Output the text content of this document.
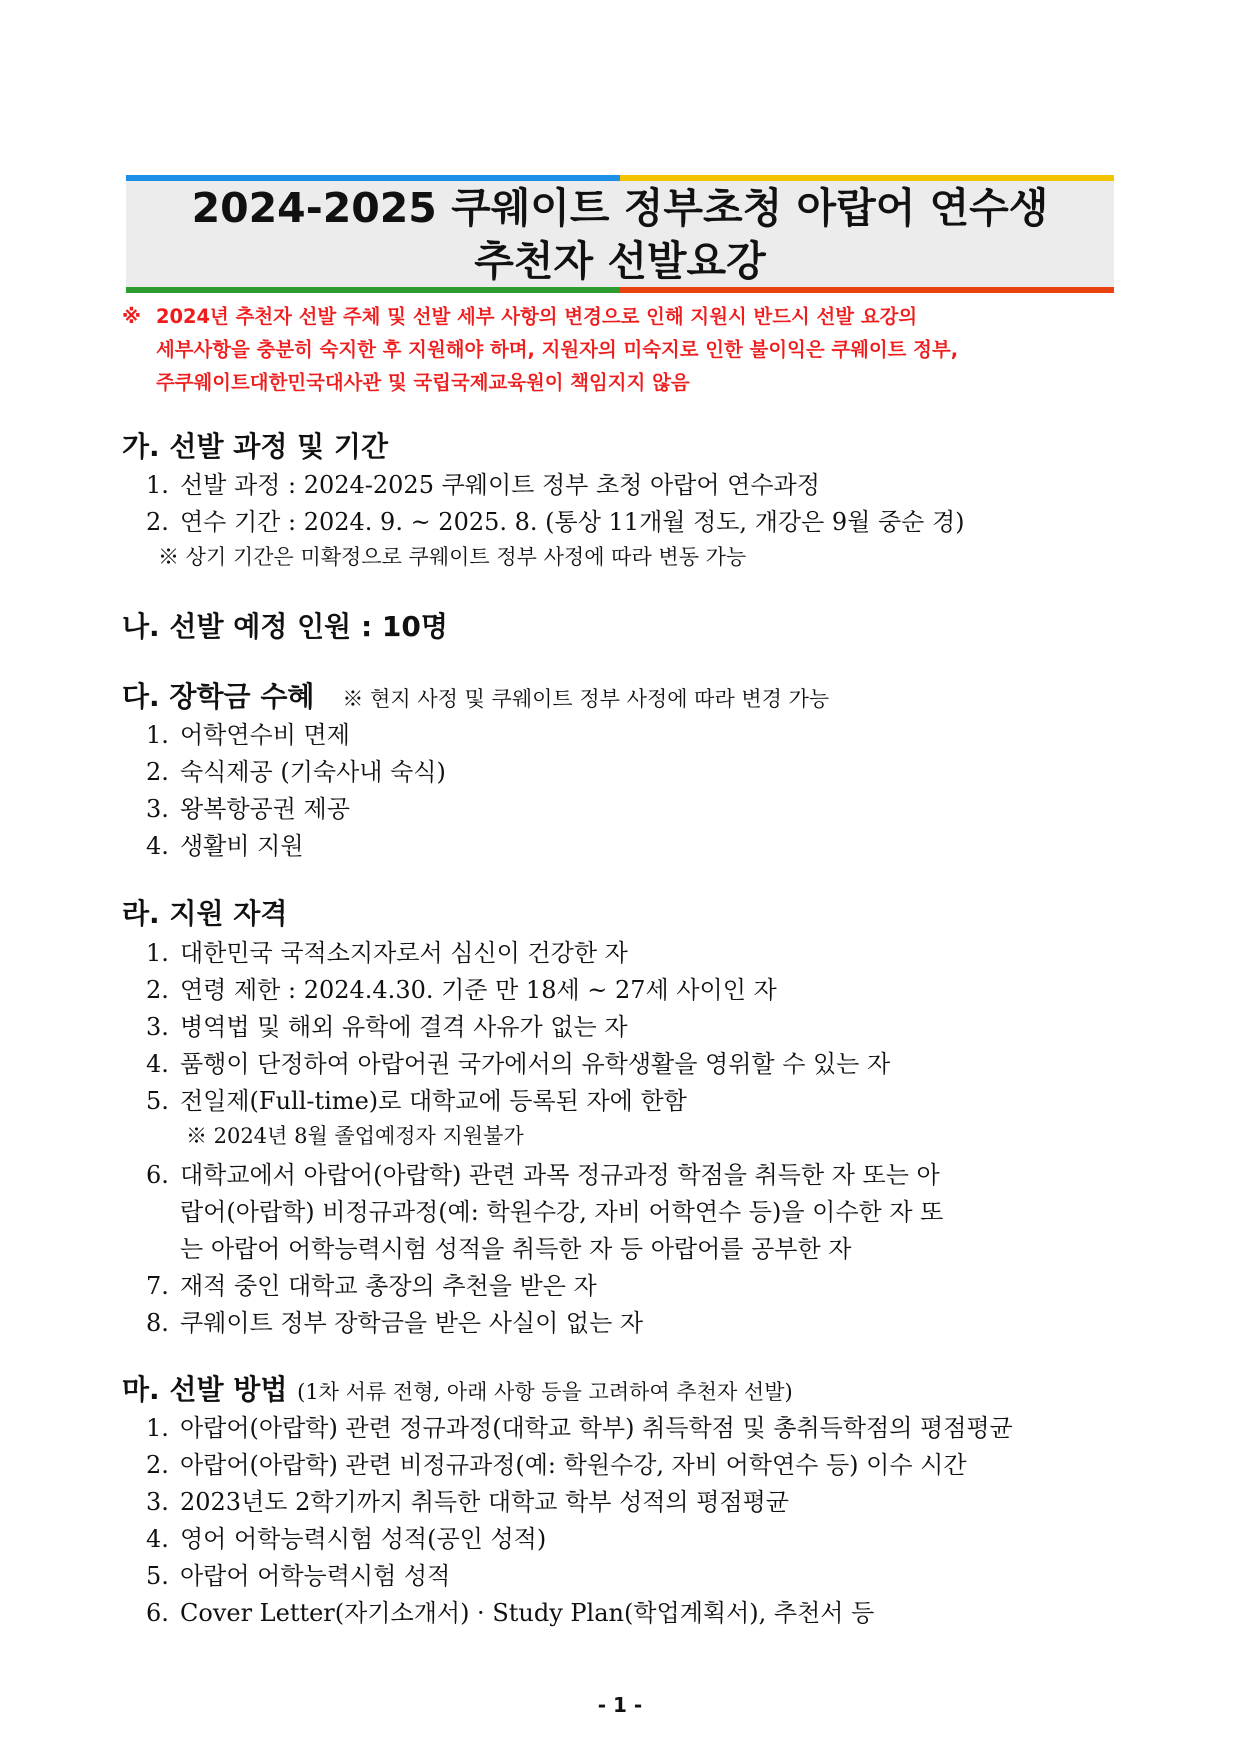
2024-2025 쿠웨이트 정부초청 아랍어 연수생
추천자 선발요강
※ 2024년 추천자 선발 주체 및 선발 세부 사항의 변경으로 인해 지원시 반드시 선발 요강의
세부사항을 충분히 숙지한 후 지원해야 하며, 지원자의 미숙지로 인한 불이익은 쿠웨이트 정부,
주쿠웨이트대한민국대사관 및 국립국제교육원이 책임지지 않음
가. 선발 과정 및 기간
1. 선발 과정 : 2024-2025 쿠웨이트 정부 초청 아랍어 연수과정
2. 연수 기간 : 2024. 9. ~ 2025. 8. (통상 11개월 정도, 개강은 9월 중순 경)
※ 상기 기간은 미확정으로 쿠웨이트 정부 사정에 따라 변동 가능
나. 선발 예정 인원 : 10명
다. 장학금 수혜 ※ 현지 사정 및 쿠웨이트 정부 사정에 따라 변경 가능
1. 어학연수비 면제
2. 숙식제공 (기숙사내 숙식)
3. 왕복항공권 제공
4. 생활비 지원
라. 지원 자격
1. 대한민국 국적소지자로서 심신이 건강한 자
2. 연령 제한 : 2024.4.30. 기준 만 18세 ~ 27세 사이인 자
3. 병역법 및 해외 유학에 결격 사유가 없는 자
4. 품행이 단정하여 아랍어권 국가에서의 유학생활을 영위할 수 있는 자
5. 전일제(Full-time)로 대학교에 등록된 자에 한함
※ 2024년 8월 졸업예정자 지원불가
6. 대학교에서 아랍어(아랍학) 관련 과목 정규과정 학점을 취득한 자 또는 아
랍어(아랍학) 비정규과정(예: 학원수강, 자비 어학연수 등)을 이수한 자 또
는 아랍어 어학능력시험 성적을 취득한 자 등 아랍어를 공부한 자
7. 재적 중인 대학교 총장의 추천을 받은 자
8. 쿠웨이트 정부 장학금을 받은 사실이 없는 자
마. 선발 방법 (1차 서류 전형, 아래 사항 등을 고려하여 추천자 선발)
1. 아랍어(아랍학) 관련 정규과정(대학교 학부) 취득학점 및 총취득학점의 평점평균
2. 아랍어(아랍학) 관련 비정규과정(예: 학원수강, 자비 어학연수 등) 이수 시간
3. 2023년도 2학기까지 취득한 대학교 학부 성적의 평점평균
4. 영어 어학능력시험 성적(공인 성적)
5. 아랍어 어학능력시험 성적
6. Cover Letter(자기소개서) · Study Plan(학업계획서), 추천서 등
- 1 -
